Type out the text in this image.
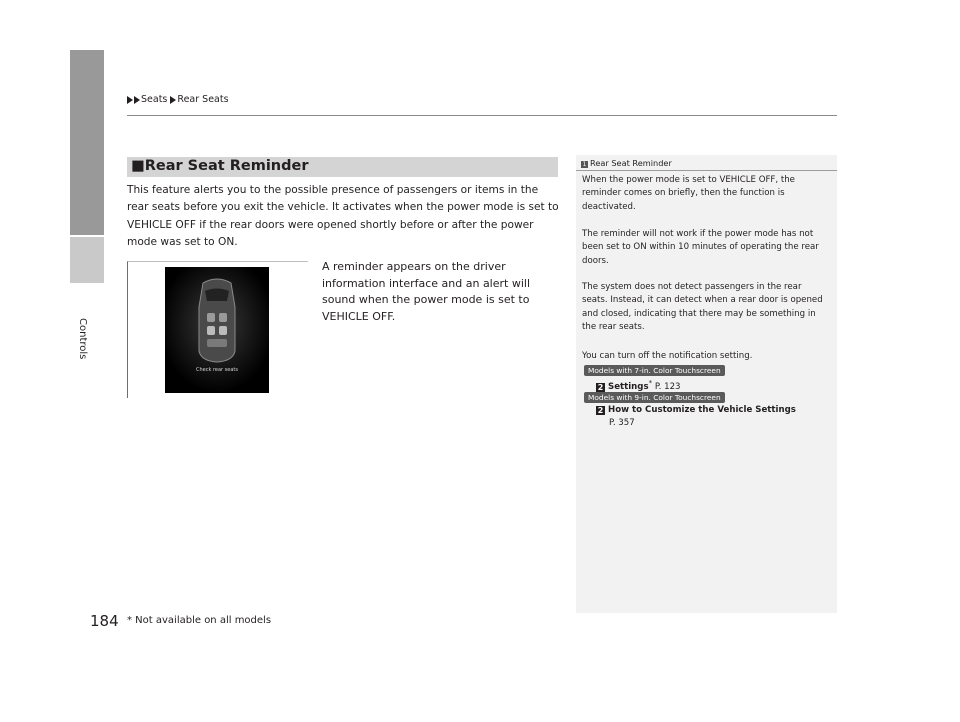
Controls
Seats Rear Seats
■Rear Seat Reminder
This feature alerts you to the possible presence of passengers or items in the rear seats before you exit the vehicle. It activates when the power mode is set to VEHICLE OFF if the rear doors were opened shortly before or after the power mode was set to ON.
Check rear seats
A reminder appears on the driver information interface and an alert will sound when the power mode is set to VEHICLE OFF.
1 Rear Seat Reminder
When the power mode is set to VEHICLE OFF, the reminder comes on briefly, then the function is deactivated.
The reminder will not work if the power mode has not been set to ON within 10 minutes of operating the rear doors.
The system does not detect passengers in the rear seats. Instead, it can detect when a rear door is opened and closed, indicating that there may be something in the rear seats.
You can turn off the notification setting.
Models with 7-in. Color Touchscreen
2 Settings* P. 123
Models with 9-in. Color Touchscreen
2 How to Customize the Vehicle Settings
P. 357
184 * Not available on all models
